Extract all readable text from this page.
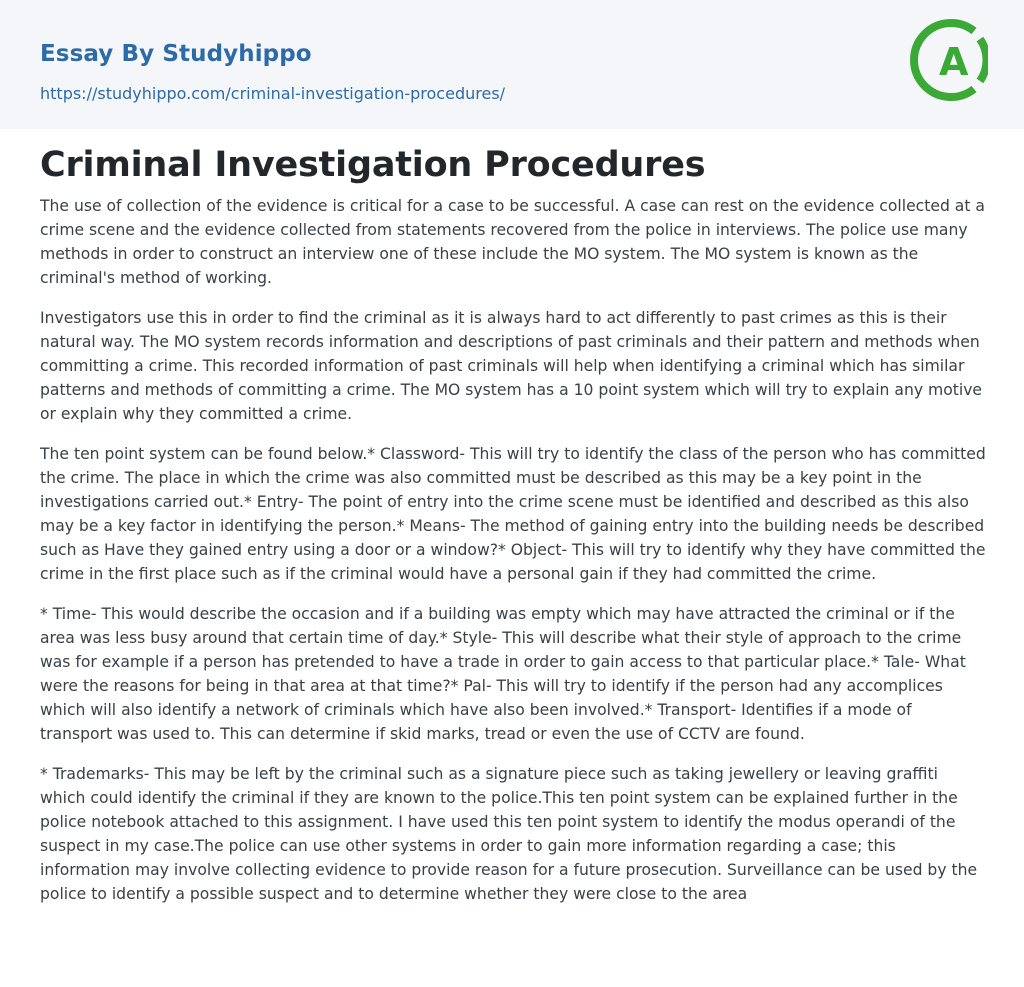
Essay By Studyhippo
https://studyhippo.com/criminal-investigation-procedures/
A
Criminal Investigation Procedures

The use of collection of the evidence is critical for a case to be successful. A case can rest on the evidence collected at a crime scene and the evidence collected from statements recovered from the police in interviews. The police use many methods in order to construct an interview one of these include the MO system. The MO system is known as the criminal's method of working.

Investigators use this in order to find the criminal as it is always hard to act differently to past crimes as this is their natural way. The MO system records information and descriptions of past criminals and their pattern and methods when committing a crime. This recorded information of past criminals will help when identifying a criminal which has similar patterns and methods of committing a crime. The MO system has a 10 point system which will try to explain any motive or explain why they committed a crime.

The ten point system can be found below.* Classword- This will try to identify the class of the person who has committed the crime. The place in which the crime was also committed must be described as this may be a key point in the investigations carried out.* Entry- The point of entry into the crime scene must be identified and described as this also may be a key factor in identifying the person.* Means- The method of gaining entry into the building needs be described such as Have they gained entry using a door or a window?* Object- This will try to identify why they have committed the crime in the first place such as if the criminal would have a personal gain if they had committed the crime.

* Time- This would describe the occasion and if a building was empty which may have attracted the criminal or if the area was less busy around that certain time of day.* Style- This will describe what their style of approach to the crime was for example if a person has pretended to have a trade in order to gain access to that particular place.* Tale- What were the reasons for being in that area at that time?* Pal- This will try to identify if the person had any accomplices which will also identify a network of criminals which have also been involved.* Transport- Identifies if a mode of transport was used to. This can determine if skid marks, tread or even the use of CCTV are found.

* Trademarks- This may be left by the criminal such as a signature piece such as taking jewellery or leaving graffiti which could identify the criminal if they are known to the police.This ten point system can be explained further in the police notebook attached to this assignment. I have used this ten point system to identify the modus operandi of the suspect in my case.The police can use other systems in order to gain more information regarding a case; this information may involve collecting evidence to provide reason for a future prosecution. Surveillance can be used by the police to identify a possible suspect and to determine whether they were close to the area
